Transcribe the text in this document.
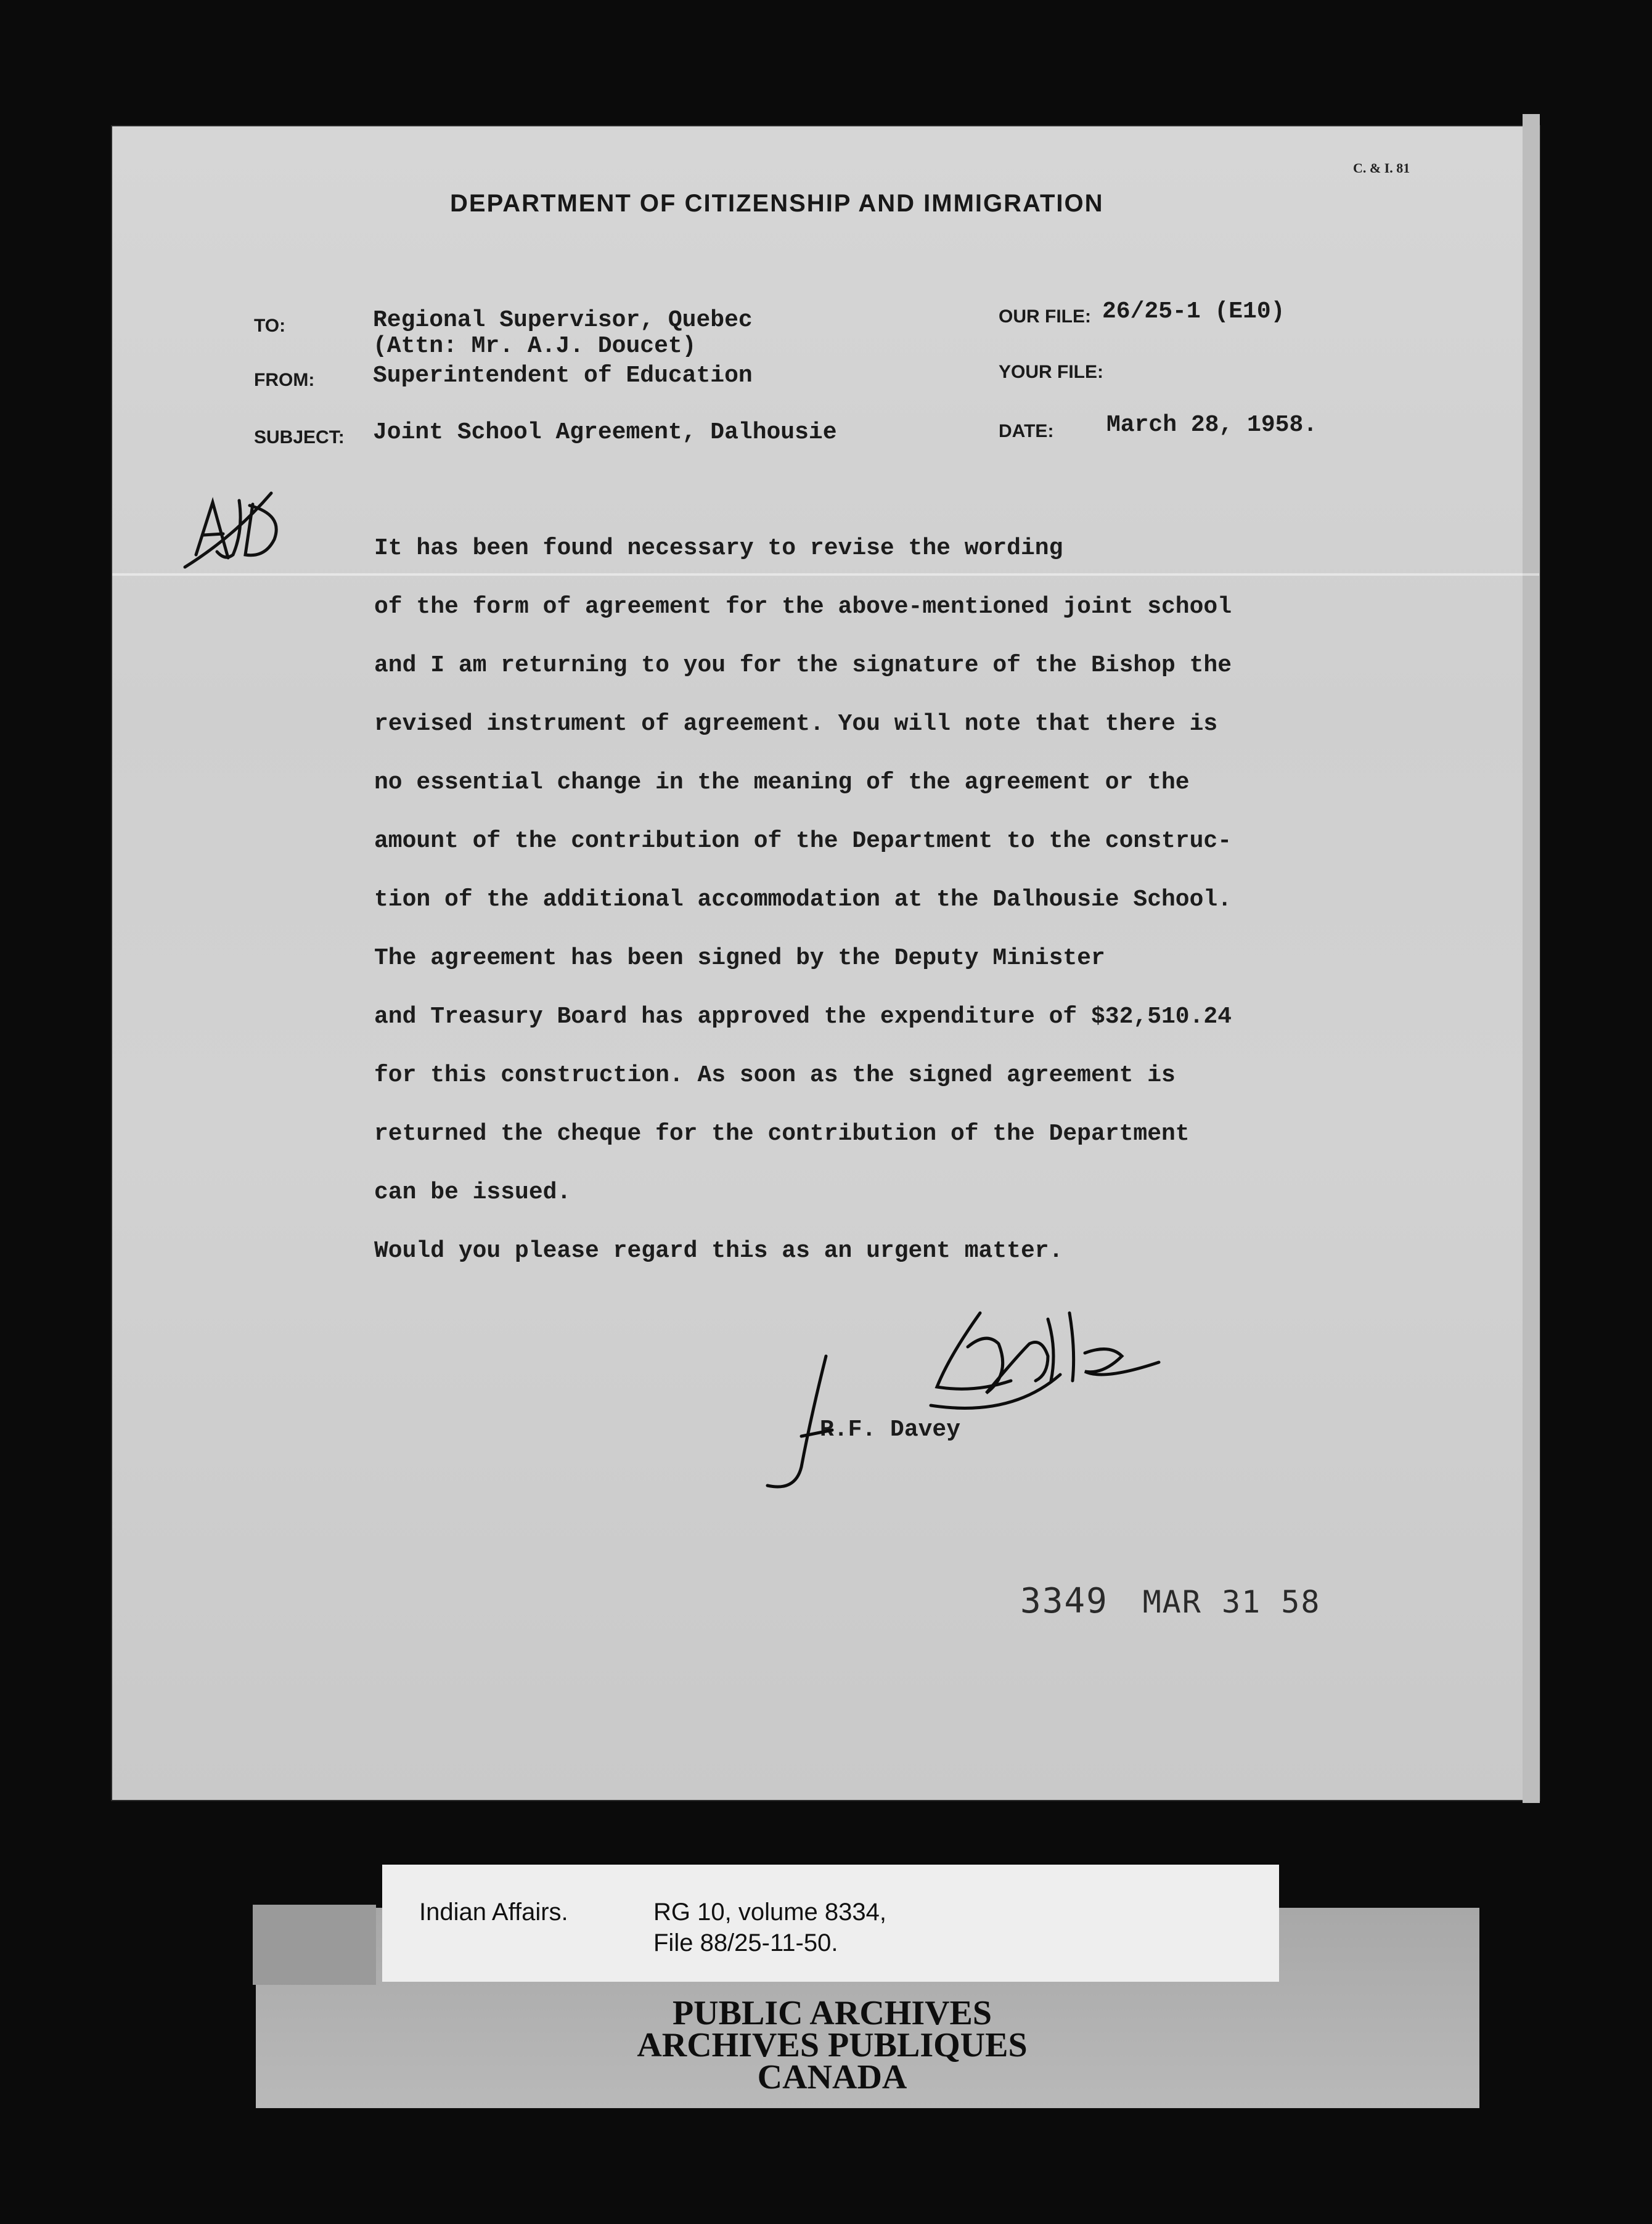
C. & I. 81
DEPARTMENT OF CITIZENSHIP AND IMMIGRATION
TO:	Regional Supervisor, Quebec
(Attn: Mr. A.J. Doucet)
FROM: Superintendent of Education
SUBJECT: Joint School Agreement, Dalhousie
OUR FILE: 26/25-1 (E10)
YOUR FILE:
DATE: March 28, 1958.
It has been found necessary to revise the wording
of the form of agreement for the above-mentioned joint school
and I am returning to you for the signature of the Bishop the
revised instrument of agreement. You will note that there is
no essential change in the meaning of the agreement or the
amount of the contribution of the Department to the construc-
tion of the additional accommodation at the Dalhousie School.
The agreement has been signed by the Deputy Minister
and Treasury Board has approved the expenditure of $32,510.24
for this construction. As soon as the signed agreement is
returned the cheque for the contribution of the Department
can be issued.
Would you please regard this as an urgent matter.
R.F. Davey
3349 MAR 31 58
Indian Affairs.	RG 10, volume 8334,
File 88/25-11-50.
PUBLIC ARCHIVES
ARCHIVES PUBLIQUES
CANADA
